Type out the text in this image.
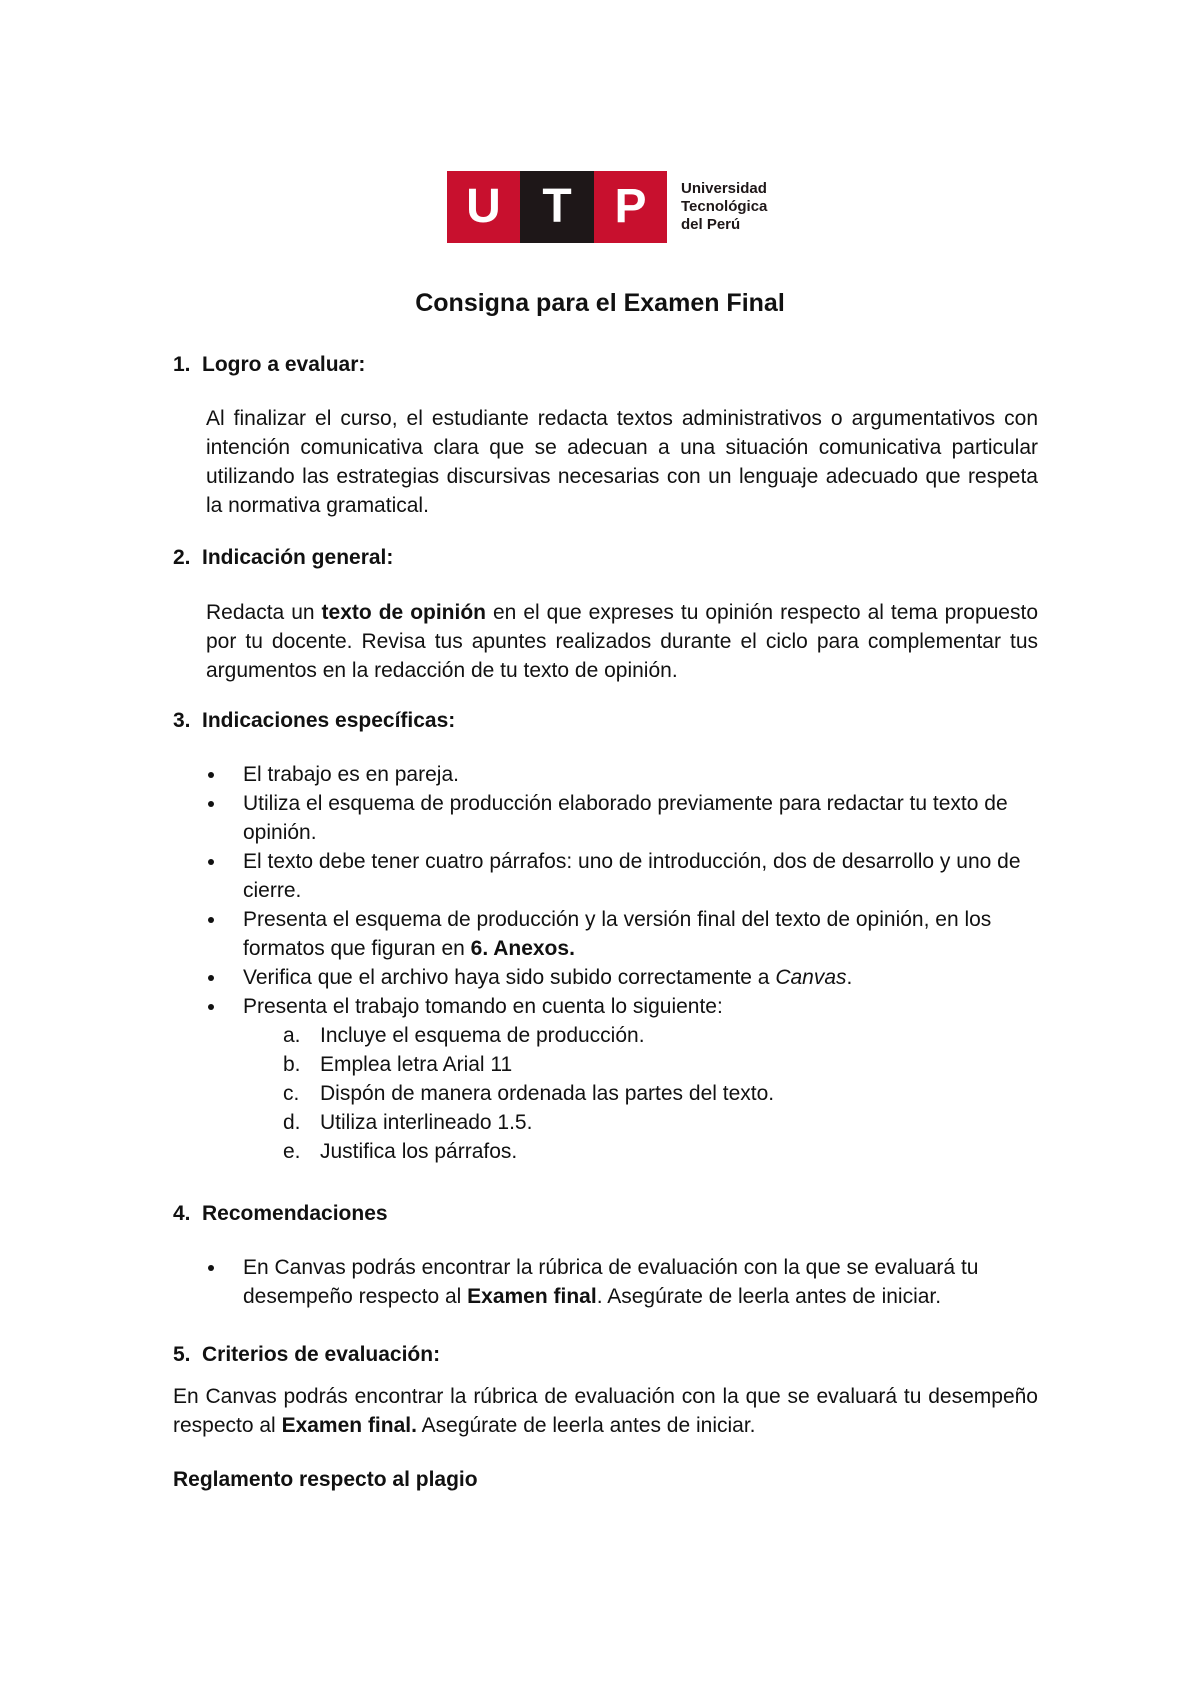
U T P	Universidad
Tecnológica
del Perú
Consigna para el Examen Final
1. Logro a evaluar:
Al finalizar el curso, el estudiante redacta textos administrativos o argumentativos con intención comunicativa clara que se adecuan a una situación comunicativa particular utilizando las estrategias discursivas necesarias con un lenguaje adecuado que respeta la normativa gramatical.
2. Indicación general:
Redacta un texto de opinión en el que expreses tu opinión respecto al tema propuesto por tu docente. Revisa tus apuntes realizados durante el ciclo para complementar tus argumentos en la redacción de tu texto de opinión.
3. Indicaciones específicas:
El trabajo es en pareja.
Utiliza el esquema de producción elaborado previamente para redactar tu texto de opinión.
El texto debe tener cuatro párrafos: uno de introducción, dos de desarrollo y uno de cierre.
Presenta el esquema de producción y la versión final del texto de opinión, en los formatos que figuran en 6. Anexos.
Verifica que el archivo haya sido subido correctamente a Canvas.
Presenta el trabajo tomando en cuenta lo siguiente:
a. Incluye el esquema de producción.
b. Emplea letra Arial 11
c. Dispón de manera ordenada las partes del texto.
d. Utiliza interlineado 1.5.
e. Justifica los párrafos.
4. Recomendaciones
En Canvas podrás encontrar la rúbrica de evaluación con la que se evaluará tu desempeño respecto al Examen final. Asegúrate de leerla antes de iniciar.
5. Criterios de evaluación:
En Canvas podrás encontrar la rúbrica de evaluación con la que se evaluará tu desempeño respecto al Examen final. Asegúrate de leerla antes de iniciar.
Reglamento respecto al plagio
